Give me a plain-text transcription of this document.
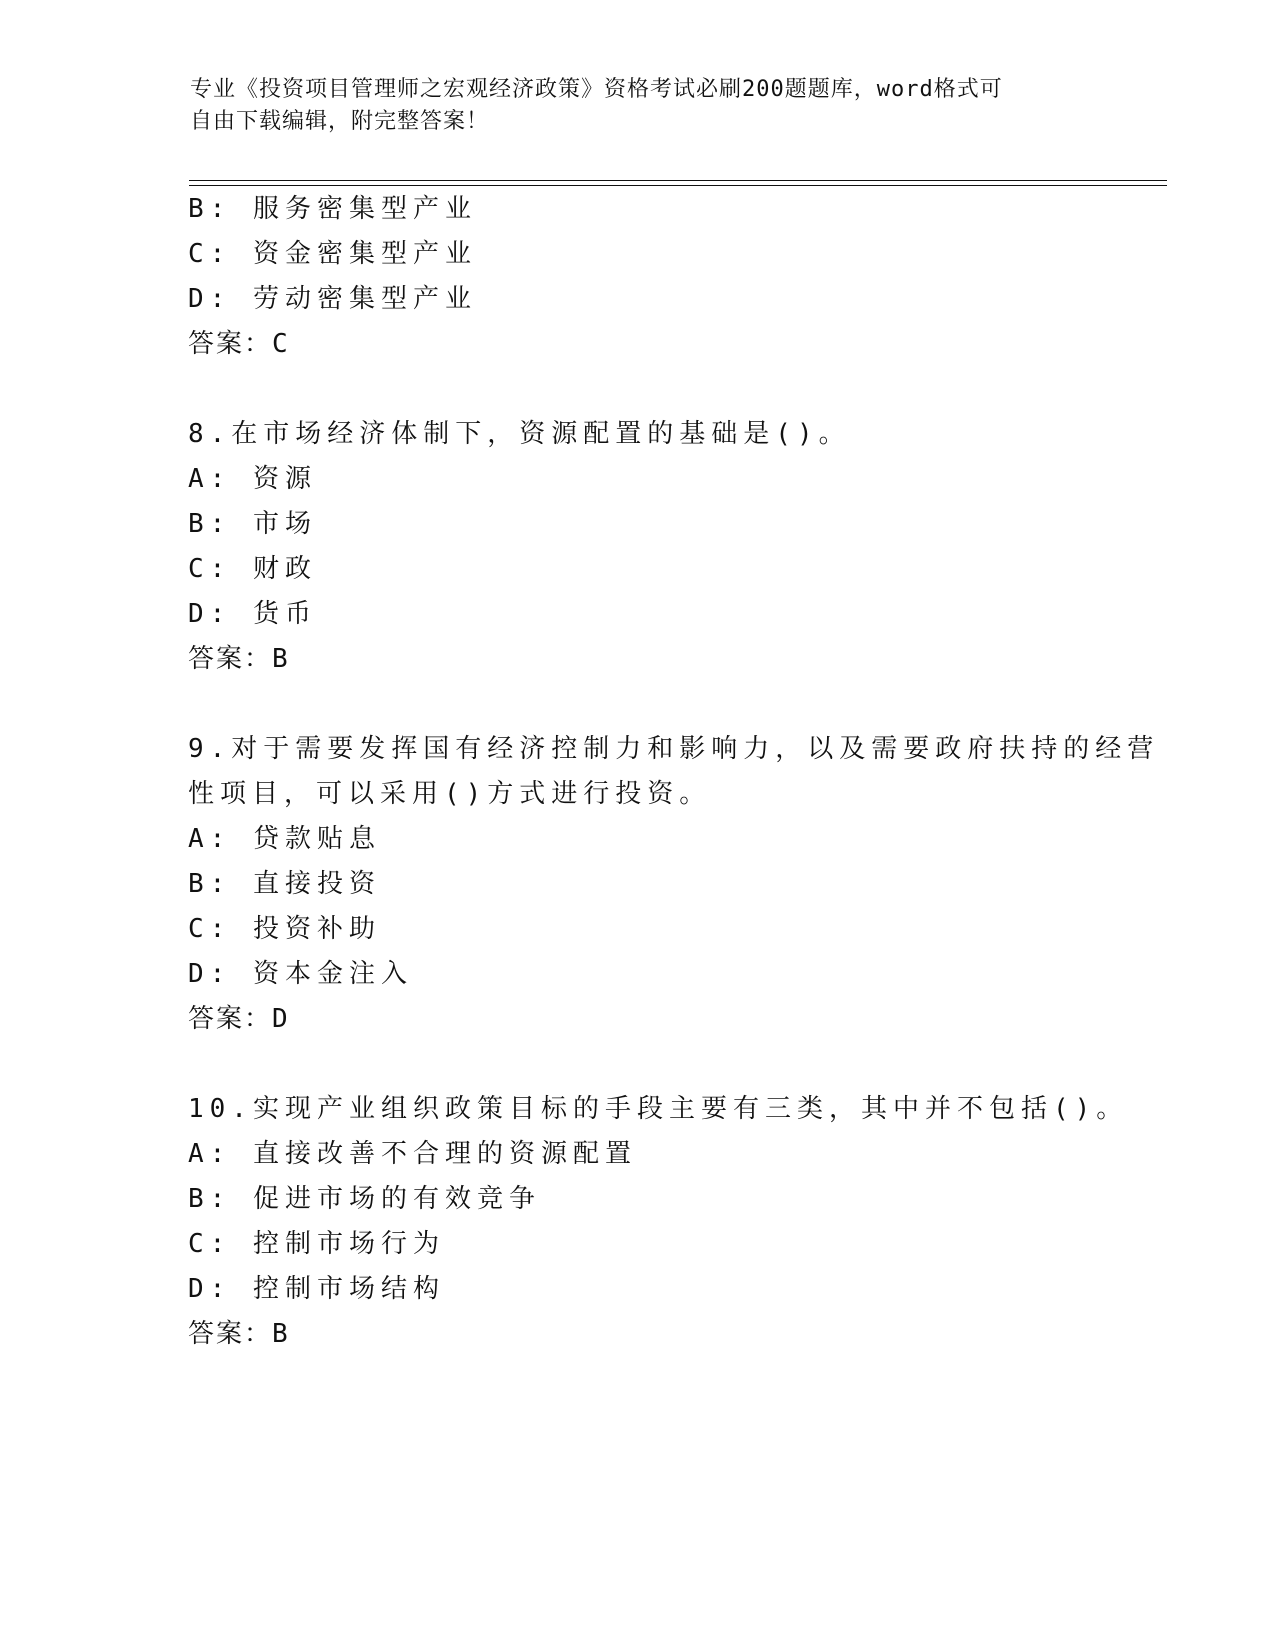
专业《投资项目管理师之宏观经济政策》资格考试必刷200题题库，word格式可
自由下载编辑，附完整答案！
B: 服务密集型产业
C: 资金密集型产业
D: 劳动密集型产业
答案：C
8.在市场经济体制下，资源配置的基础是()。
A: 资源
B: 市场
C: 财政
D: 货币
答案：B
9.对于需要发挥国有经济控制力和影响力，以及需要政府扶持的经营
性项目，可以采用()方式进行投资。
A: 贷款贴息
B: 直接投资
C: 投资补助
D: 资本金注入
答案：D
10.实现产业组织政策目标的手段主要有三类，其中并不包括()。
A: 直接改善不合理的资源配置
B: 促进市场的有效竞争
C: 控制市场行为
D: 控制市场结构
答案：B
